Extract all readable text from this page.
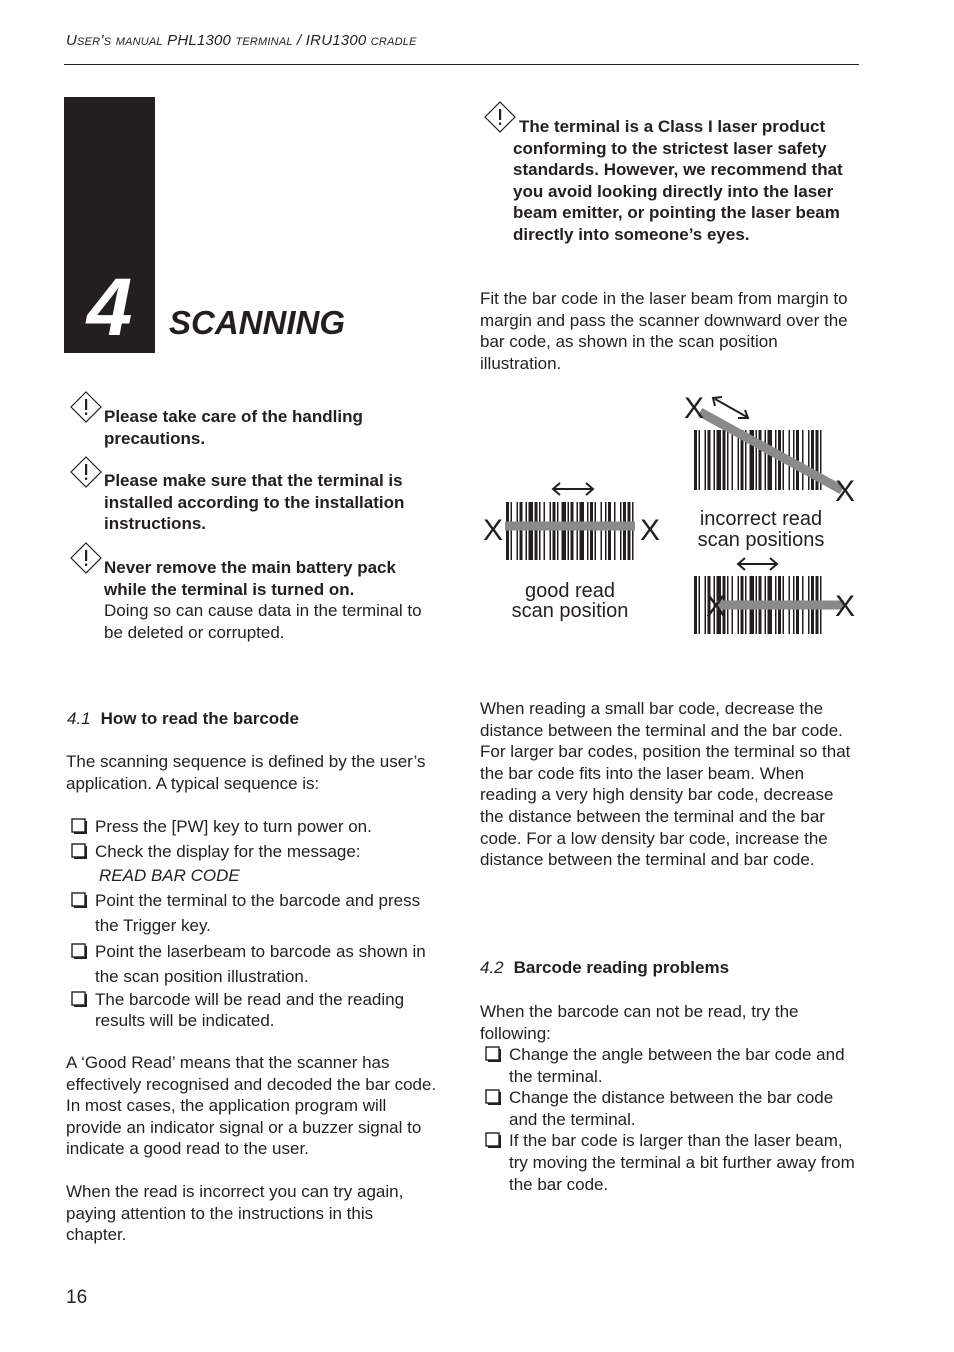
User’s manual PHL1300 terminal / IRU1300 cradle
4	SCANNING
Please take care of the handling precautions.
Please make sure that the terminal is installed according to the installation instructions.
Never remove the main battery pack while the terminal is turned on.
Doing so can cause data in the terminal to be deleted or corrupted.
4.1 How to read the barcode
The scanning sequence is defined by the user’s application. A typical sequence is:
Press the [PW] key to turn power on.
Check the display for the message:
READ BAR CODE
Point the terminal to the barcode and press the Trigger key.
Point the laserbeam to barcode as shown in the scan position illustration.
The barcode will be read and the reading results will be indicated.
A ‘Good Read’ means that the scanner has effectively recognised and decoded the bar code. In most cases, the application program will provide an indicator signal or a buzzer signal to indicate a good read to the user.
When the read is incorrect you can try again, paying attention to the instructions in this chapter.
16
The terminal is a Class I laser product conforming to the strictest laser safety standards. However, we recommend that you avoid looking directly into the laser beam emitter, or pointing the laser beam directly into someone’s eyes.
Fit the bar code in the laser beam from margin to margin and pass the scanner downward over the bar code, as shown in the scan position illustration.
X	X
X
X
X	X
good read
scan position
incorrect read
scan positions
When reading a small bar code, decrease the distance between the terminal and the bar code. For larger bar codes, position the terminal so that the bar code fits into the laser beam. When reading a very high density bar code, decrease the distance between the terminal and the bar code. For a low density bar code, increase the distance between the terminal and bar code.
4.2 Barcode reading problems
When the barcode can not be read, try the following:
Change the angle between the bar code and the terminal.
Change the distance between the bar code and the terminal.
If the bar code is larger than the laser beam, try moving the terminal a bit further away from the bar code.
